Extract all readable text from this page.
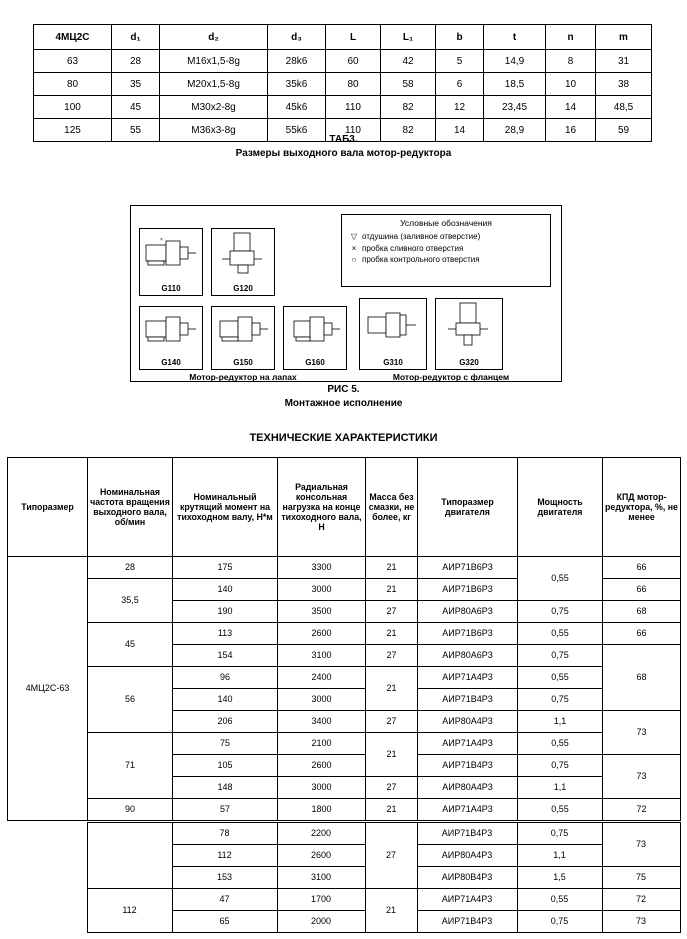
4МЦ2С	d₁	d₂	d₃	L	L₁	b	t	n	m
63	28	M16x1,5-8g	28k6	60	42	5	14,9	8	31
80	35	M20x1,5-8g	35k6	80	58	6	18,5	10	38
100	45	M30x2-8g	45k6	110	82	12	23,45	14	48,5
125	55	M36x3-8g	55k6	110	82	14	28,9	16	59
ТАБ3.
Размеры выходного вала мотор-редуктора
Условные обозначения
▽ отдушина (заливное отверстие)
× пробка сливного отверстия
○ пробка контрольного отверстия
×
G110	G120
G140	G150	G160	G310	G320
Мотор-редуктор на лапах	Мотор-редуктор с фланцем
РИС 5.
Монтажное исполнение
ТЕХНИЧЕСКИЕ ХАРАКТЕРИСТИКИ
Типоразмер	Номинальная частота вращения выходного вала, об/мин	Номинальный крутящий момент на тихоходном валу, Н*м	Радиальная консольная нагрузка на конце тихоходного вала, Н	Масса без смазки, не более, кг	Типоразмер двигателя	Мощность двигателя	КПД мотор-редуктора, %, не менее
4МЦ2С-63	28	175	3300	21	АИР71В6Р3	0,55	66
	35,5	140	3000	21	АИР71В6Р3		66
		190	3500	27	АИР80А6Р3	0,75	68
	45	113	2600	21	АИР71В6Р3	0,55	66
		154	3100	27	АИР80А6Р3	0,75	68
	56	96	2400	21	АИР71А4Р3	0,55	
		140	3000		АИР71В4Р3	0,75	
		206	3400	27	АИР80А4Р3	1,1	73
	71	75	2100	21	АИР71А4Р3	0,55	
		105	2600		АИР71В4Р3	0,75	73
		148	3000	27	АИР80А4Р3	1,1	
	90	57	1800	21	АИР71А4Р3	0,55	72
		78	2200	27	АИР71В4Р3	0,75	73
		112	2600		АИР80А4Р3	1,1	
		153	3100		АИР80В4Р3	1,5	75
	112	47	1700	21	АИР71А4Р3	0,55	72
		65	2000		АИР71В4Р3	0,75	73
